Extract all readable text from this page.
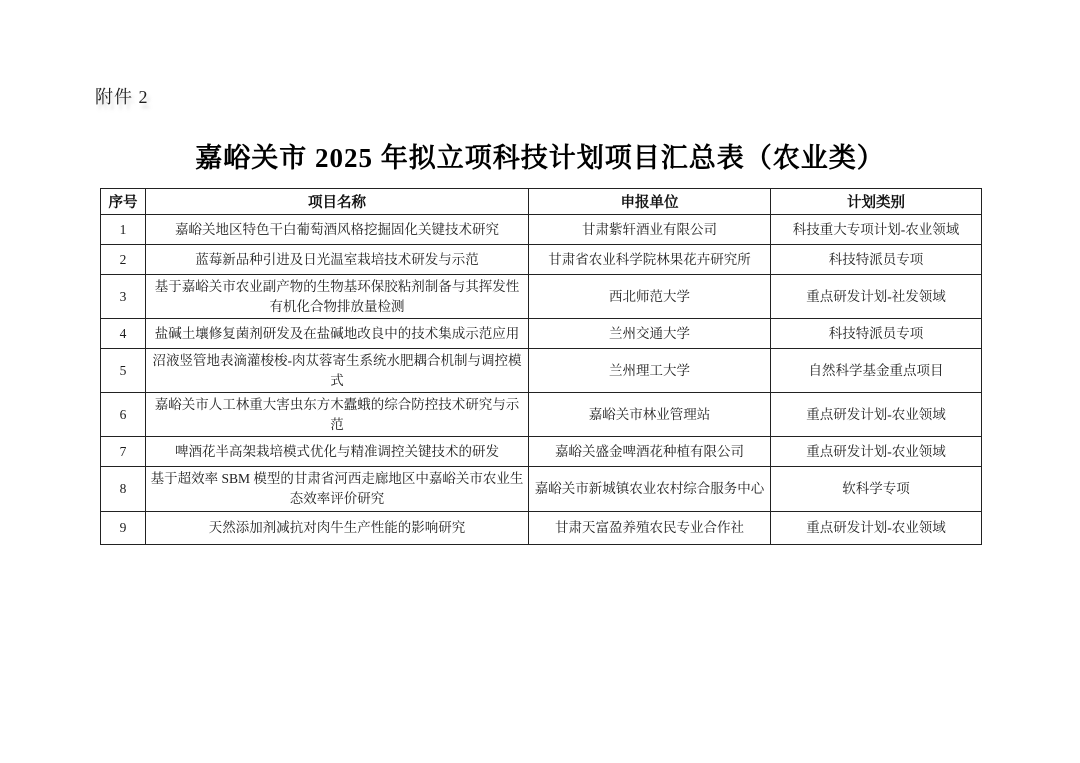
附件 2
嘉峪关市 2025 年拟立项科技计划项目汇总表（农业类）
序号	项目名称	申报单位	计划类别
1	嘉峪关地区特色干白葡萄酒风格挖掘固化关键技术研究	甘肃紫轩酒业有限公司	科技重大专项计划-农业领域
2	蓝莓新品种引进及日光温室栽培技术研发与示范	甘肃省农业科学院林果花卉研究所	科技特派员专项
3	基于嘉峪关市农业副产物的生物基环保胶粘剂制备与其挥发性有机化合物排放量检测	西北师范大学	重点研发计划-社发领域
4	盐碱土壤修复菌剂研发及在盐碱地改良中的技术集成示范应用	兰州交通大学	科技特派员专项
5	沼液竖管地表滴灌梭梭-肉苁蓉寄生系统水肥耦合机制与调控模式	兰州理工大学	自然科学基金重点项目
6	嘉峪关市人工林重大害虫东方木蠹蛾的综合防控技术研究与示范	嘉峪关市林业管理站	重点研发计划-农业领域
7	啤酒花半高架栽培模式优化与精准调控关键技术的研发	嘉峪关盛金啤酒花种植有限公司	重点研发计划-农业领域
8	基于超效率 SBM 模型的甘肃省河西走廊地区中嘉峪关市农业生态效率评价研究	嘉峪关市新城镇农业农村综合服务中心	软科学专项
9	天然添加剂减抗对肉牛生产性能的影响研究	甘肃天富盈养殖农民专业合作社	重点研发计划-农业领域
